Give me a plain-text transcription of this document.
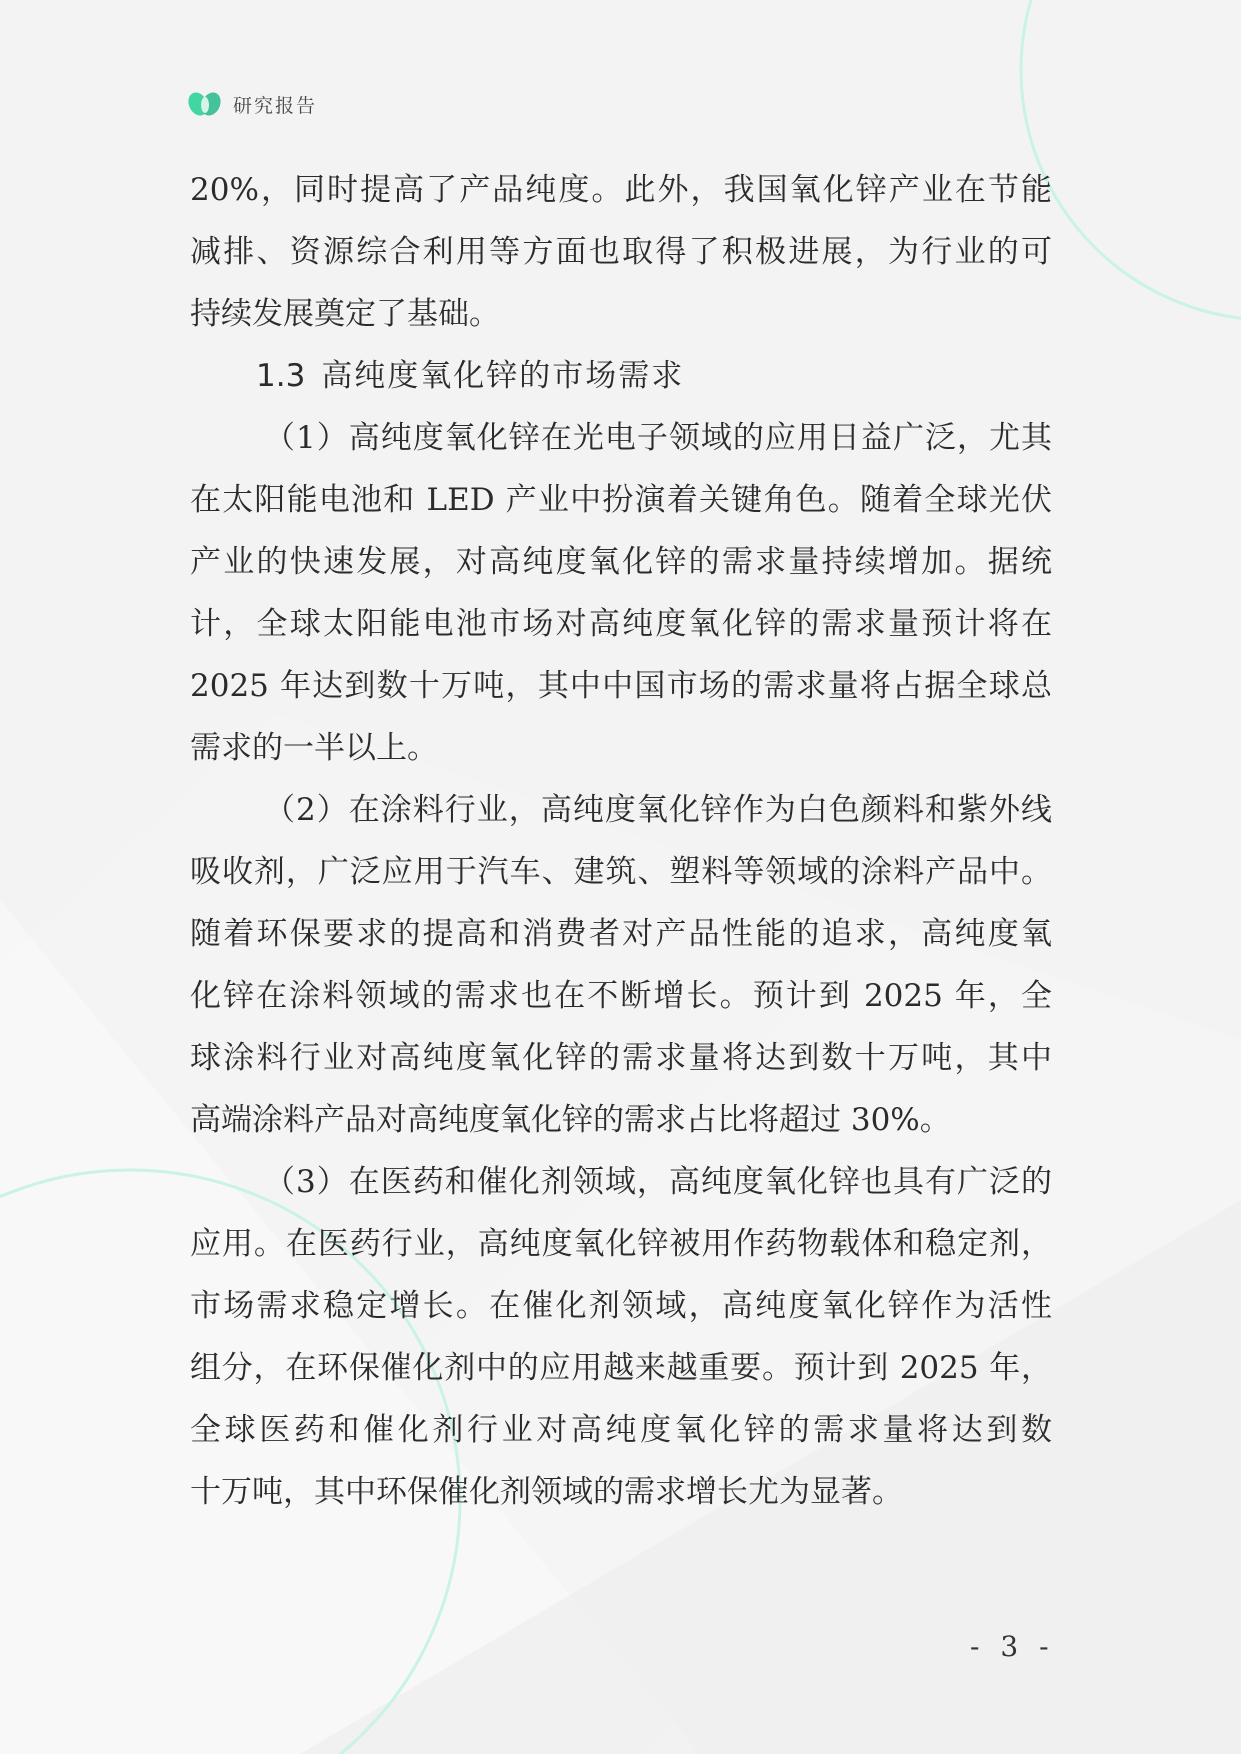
研究报告
20%，同时提高了产品纯度。此外，我国氧化锌产业在节能
减排、资源综合利用等方面也取得了积极进展，为行业的可
持续发展奠定了基础。
1.3 高纯度氧化锌的市场需求
（1）高纯度氧化锌在光电子领域的应用日益广泛，尤其
在太阳能电池和 LED 产业中扮演着关键角色。随着全球光伏
产业的快速发展，对高纯度氧化锌的需求量持续增加。据统
计，全球太阳能电池市场对高纯度氧化锌的需求量预计将在
2025 年达到数十万吨，其中中国市场的需求量将占据全球总
需求的一半以上。
（2）在涂料行业，高纯度氧化锌作为白色颜料和紫外线
吸收剂，广泛应用于汽车、建筑、塑料等领域的涂料产品中。
随着环保要求的提高和消费者对产品性能的追求，高纯度氧
化锌在涂料领域的需求也在不断增长。预计到 2025 年，全
球涂料行业对高纯度氧化锌的需求量将达到数十万吨，其中
高端涂料产品对高纯度氧化锌的需求占比将超过 30%。
（3）在医药和催化剂领域，高纯度氧化锌也具有广泛的
应用。在医药行业，高纯度氧化锌被用作药物载体和稳定剂，
市场需求稳定增长。在催化剂领域，高纯度氧化锌作为活性
组分，在环保催化剂中的应用越来越重要。预计到 2025 年，
全球医药和催化剂行业对高纯度氧化锌的需求量将达到数
十万吨，其中环保催化剂领域的需求增长尤为显著。
- 3 -
